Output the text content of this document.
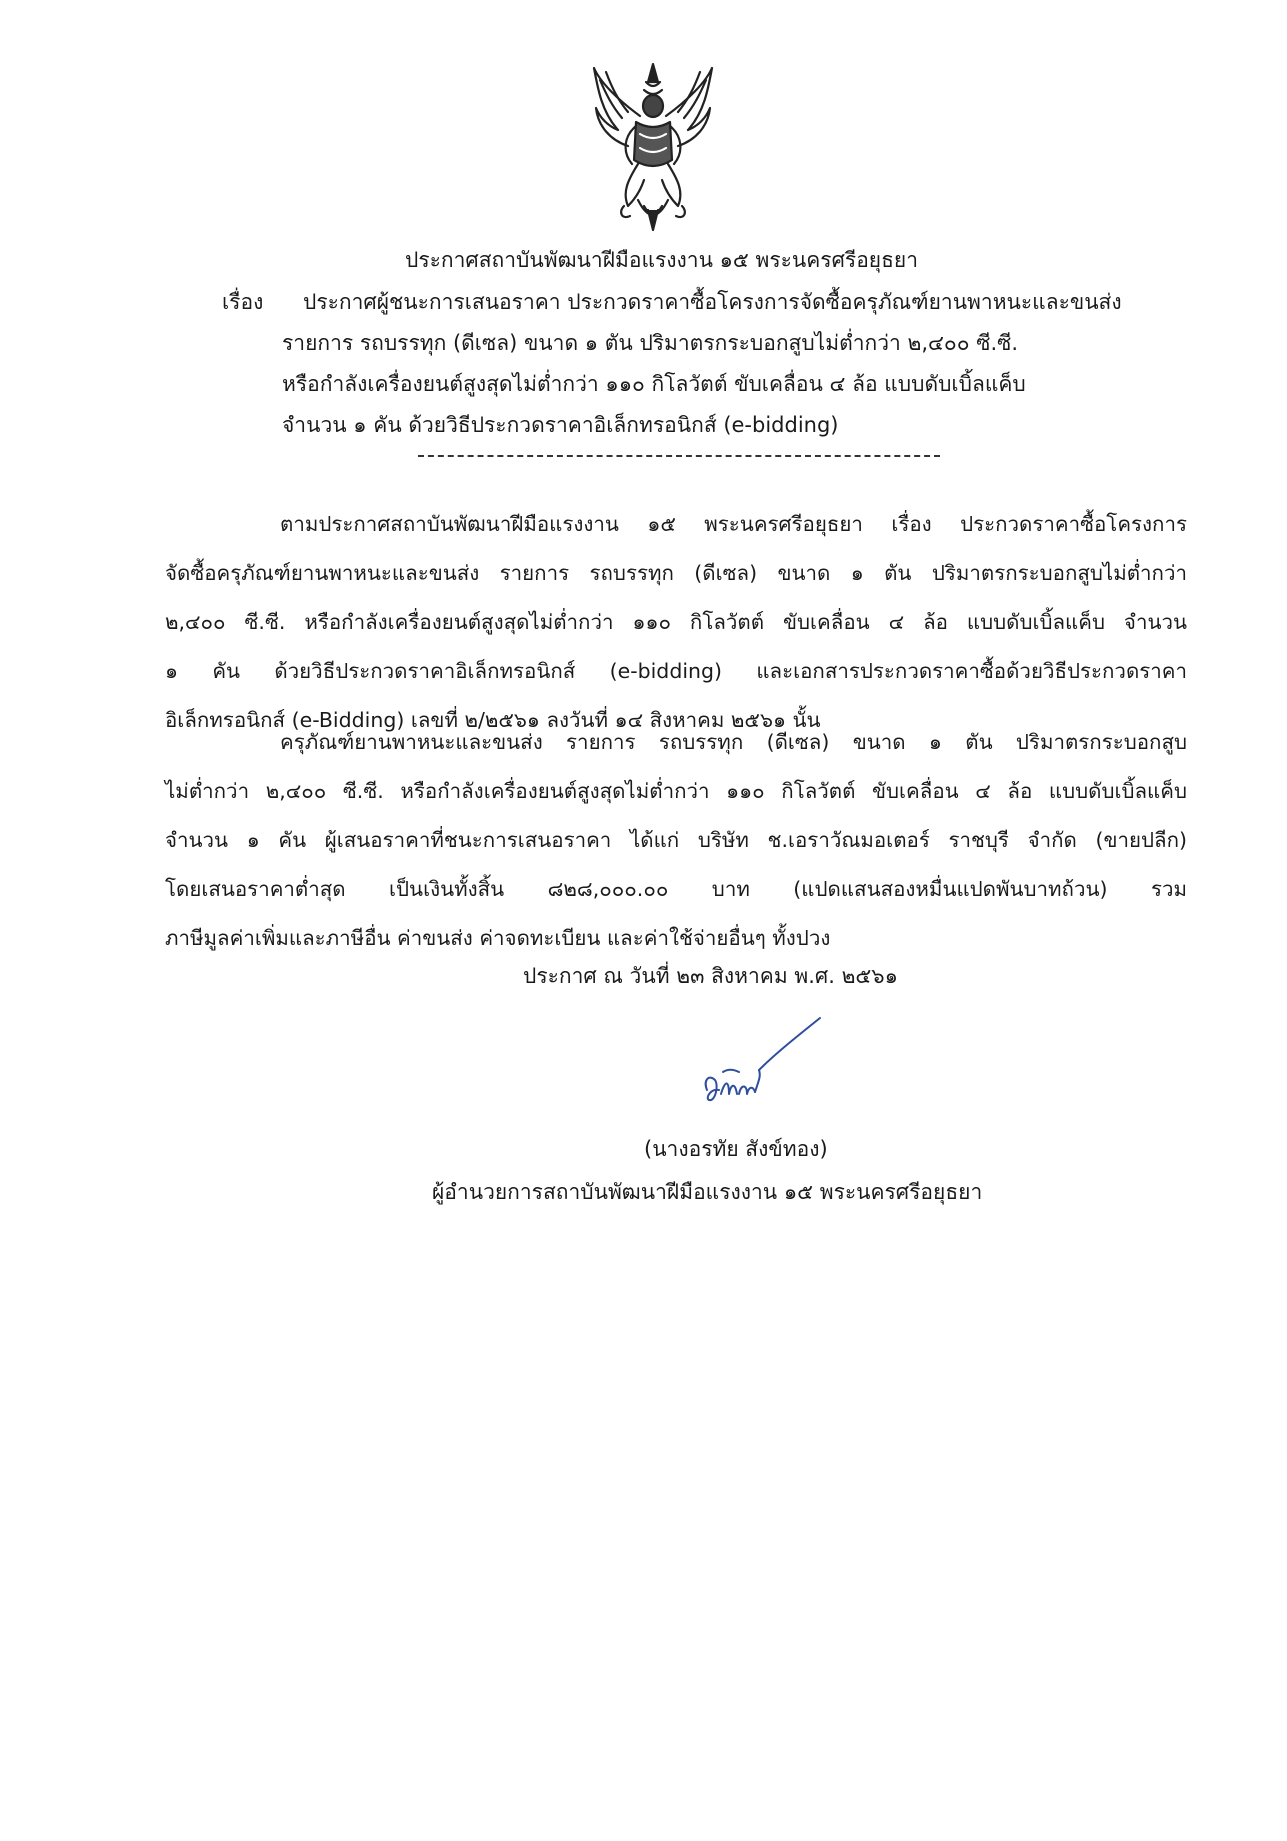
ประกาศสถาบันพัฒนาฝีมือแรงงาน ๑๕ พระนครศรีอยุธยา
เรื่อง ประกาศผู้ชนะการเสนอราคา ประกวดราคาซื้อโครงการจัดซื้อครุภัณฑ์ยานพาหนะและขนส่ง
รายการ รถบรรทุก (ดีเซล) ขนาด ๑ ตัน ปริมาตรกระบอกสูบไม่ต่ำกว่า ๒,๔๐๐ ซี.ซี.
หรือกำลังเครื่องยนต์สูงสุดไม่ต่ำกว่า ๑๑๐ กิโลวัตต์ ขับเคลื่อน ๔ ล้อ แบบดับเบิ้ลแค็บ
จำนวน ๑ คัน ด้วยวิธีประกวดราคาอิเล็กทรอนิกส์ (e-bidding)
ตามประกาศสถาบันพัฒนาฝีมือแรงงาน ๑๕ พระนครศรีอยุธยา เรื่อง ประกวดราคาซื้อโครงการ
จัดซื้อครุภัณฑ์ยานพาหนะและขนส่ง รายการ รถบรรทุก (ดีเซล) ขนาด ๑ ตัน ปริมาตรกระบอกสูบไม่ต่ำกว่า
๒,๔๐๐ ซี.ซี. หรือกำลังเครื่องยนต์สูงสุดไม่ต่ำกว่า ๑๑๐ กิโลวัตต์ ขับเคลื่อน ๔ ล้อ แบบดับเบิ้ลแค็บ จำนวน
๑ คัน ด้วยวิธีประกวดราคาอิเล็กทรอนิกส์ (e-bidding) และเอกสารประกวดราคาซื้อด้วยวิธีประกวดราคา
อิเล็กทรอนิกส์ (e-Bidding) เลขที่ ๒/๒๕๖๑ ลงวันที่ ๑๔ สิงหาคม ๒๕๖๑ นั้น
ครุภัณฑ์ยานพาหนะและขนส่ง รายการ รถบรรทุก (ดีเซล) ขนาด ๑ ตัน ปริมาตรกระบอกสูบ
ไม่ต่ำกว่า ๒,๔๐๐ ซี.ซี. หรือกำลังเครื่องยนต์สูงสุดไม่ต่ำกว่า ๑๑๐ กิโลวัตต์ ขับเคลื่อน ๔ ล้อ แบบดับเบิ้ลแค็บ
จำนวน ๑ คัน ผู้เสนอราคาที่ชนะการเสนอราคา ได้แก่ บริษัท ช.เอราวัณมอเตอร์ ราชบุรี จำกัด (ขายปลีก)
โดยเสนอราคาต่ำสุด เป็นเงินทั้งสิ้น ๘๒๘,๐๐๐.๐๐ บาท (แปดแสนสองหมื่นแปดพันบาทถ้วน) รวม
ภาษีมูลค่าเพิ่มและภาษีอื่น ค่าขนส่ง ค่าจดทะเบียน และค่าใช้จ่ายอื่นๆ ทั้งปวง
ประกาศ ณ วันที่ ๒๓ สิงหาคม พ.ศ. ๒๕๖๑
(นางอรทัย สังข์ทอง)
ผู้อำนวยการสถาบันพัฒนาฝีมือแรงงาน ๑๕ พระนครศรีอยุธยา
